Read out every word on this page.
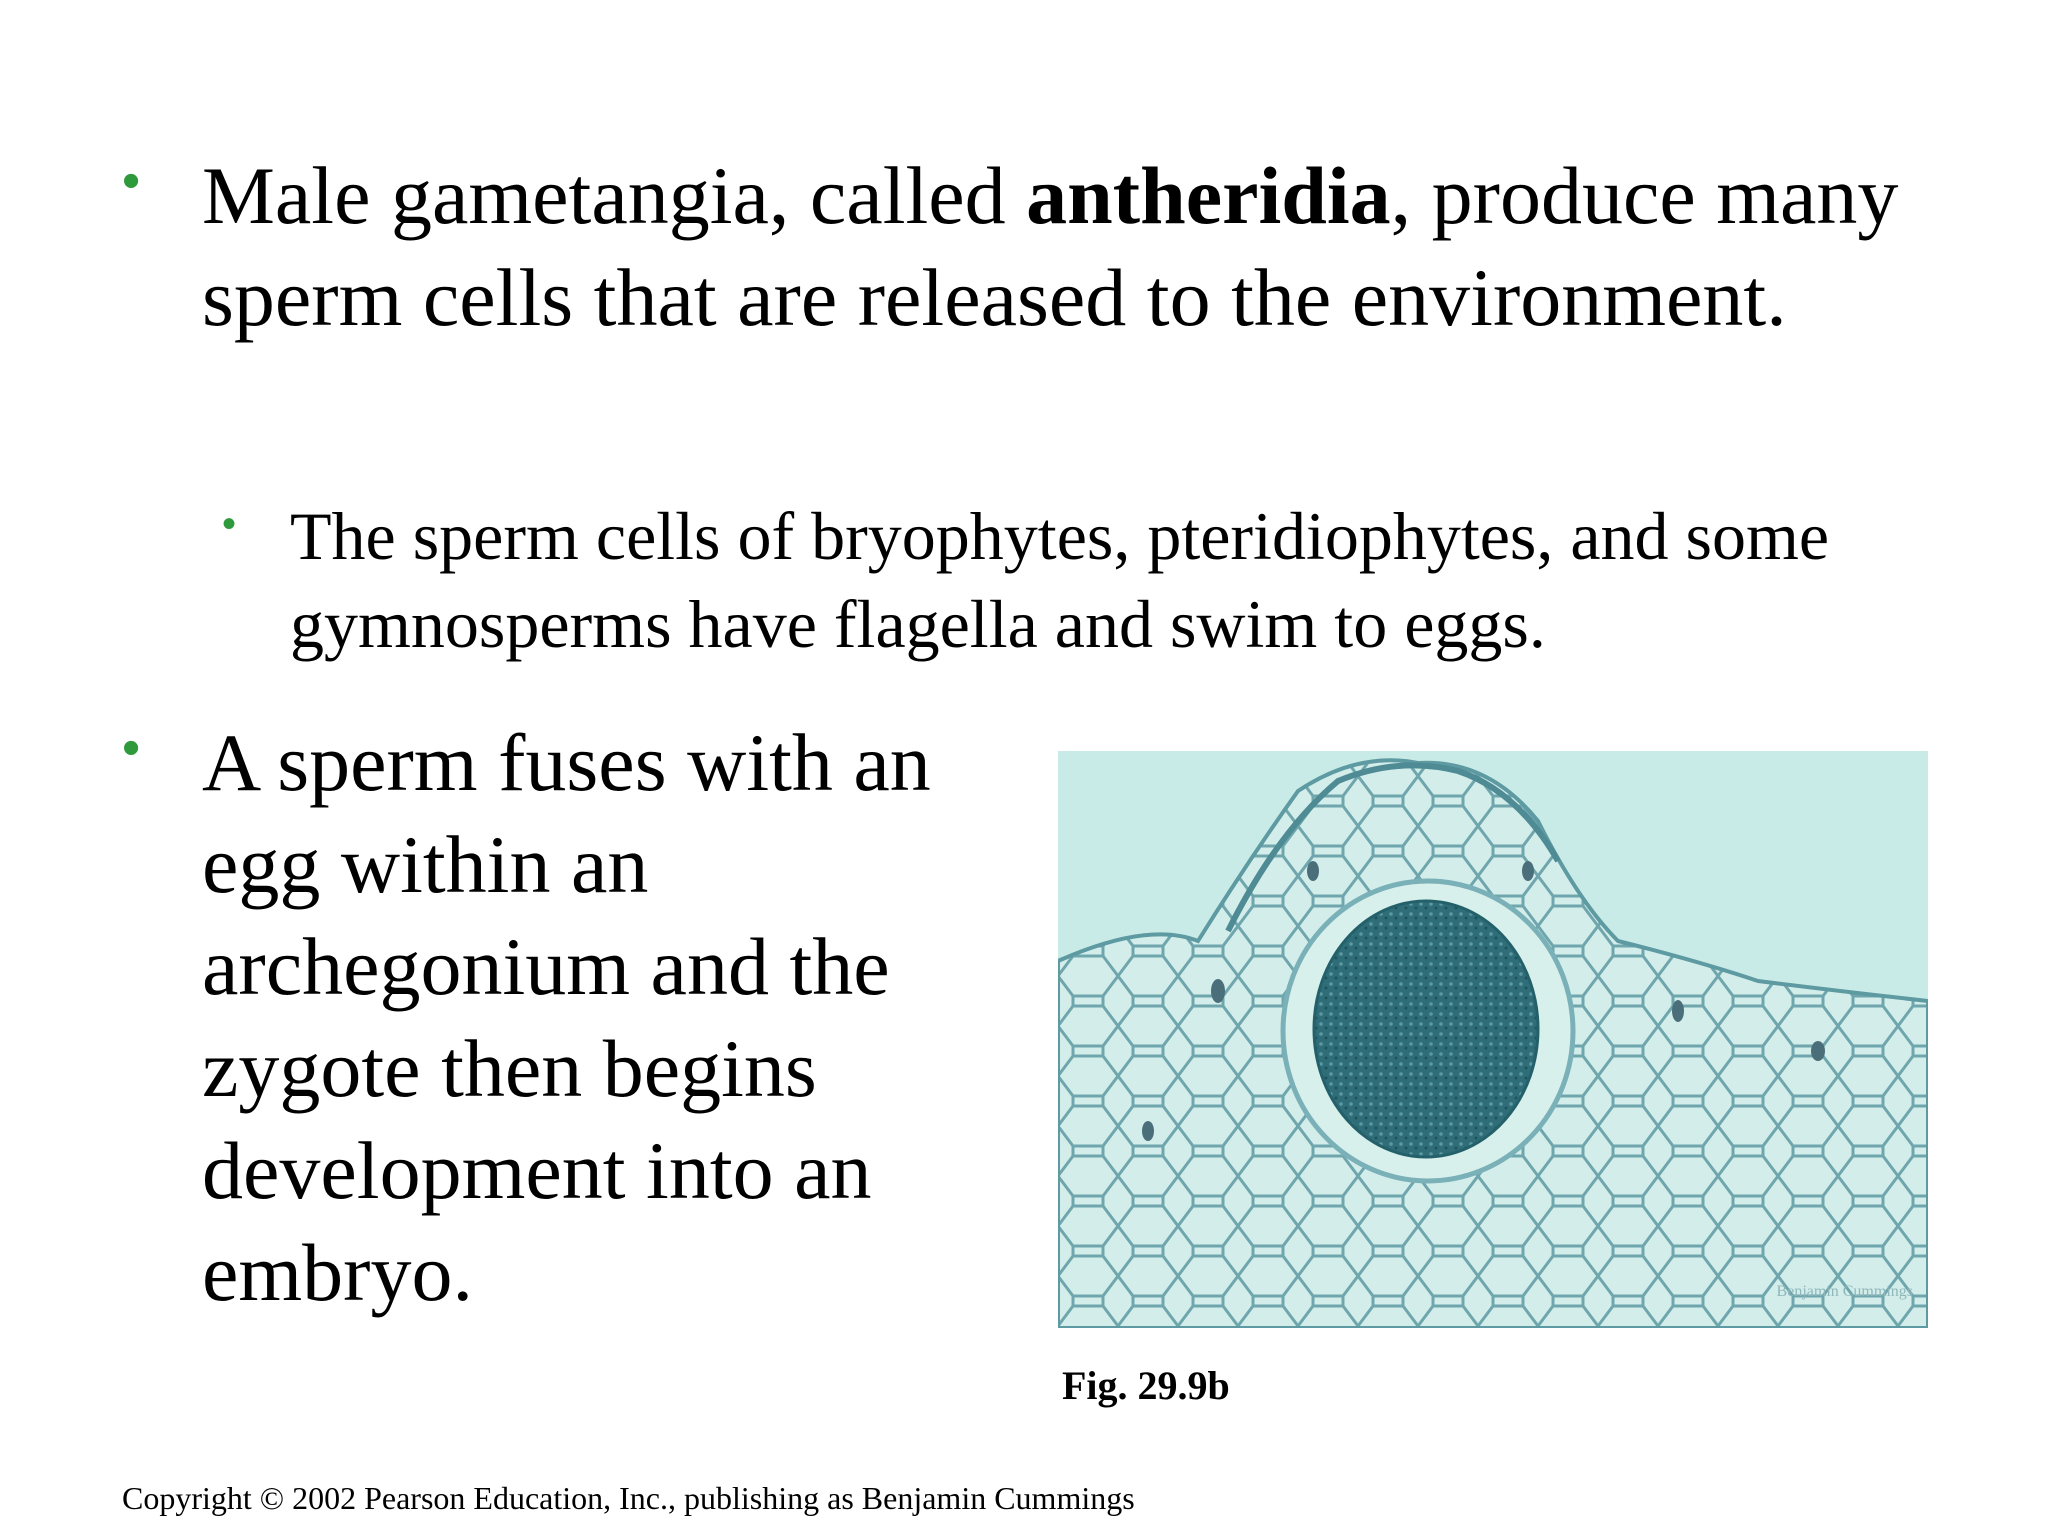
• Male gametangia, called antheridia, produce many sperm cells that are released to the environment.
• The sperm cells of bryophytes, pteridiophytes, and some gymnosperms have flagella and swim to eggs.
• A sperm fuses with an egg within an archegonium and the zygote then begins development into an embryo.	Benjamin Cummings
Fig. 29.9b
Copyright © 2002 Pearson Education, Inc., publishing as Benjamin Cummings
